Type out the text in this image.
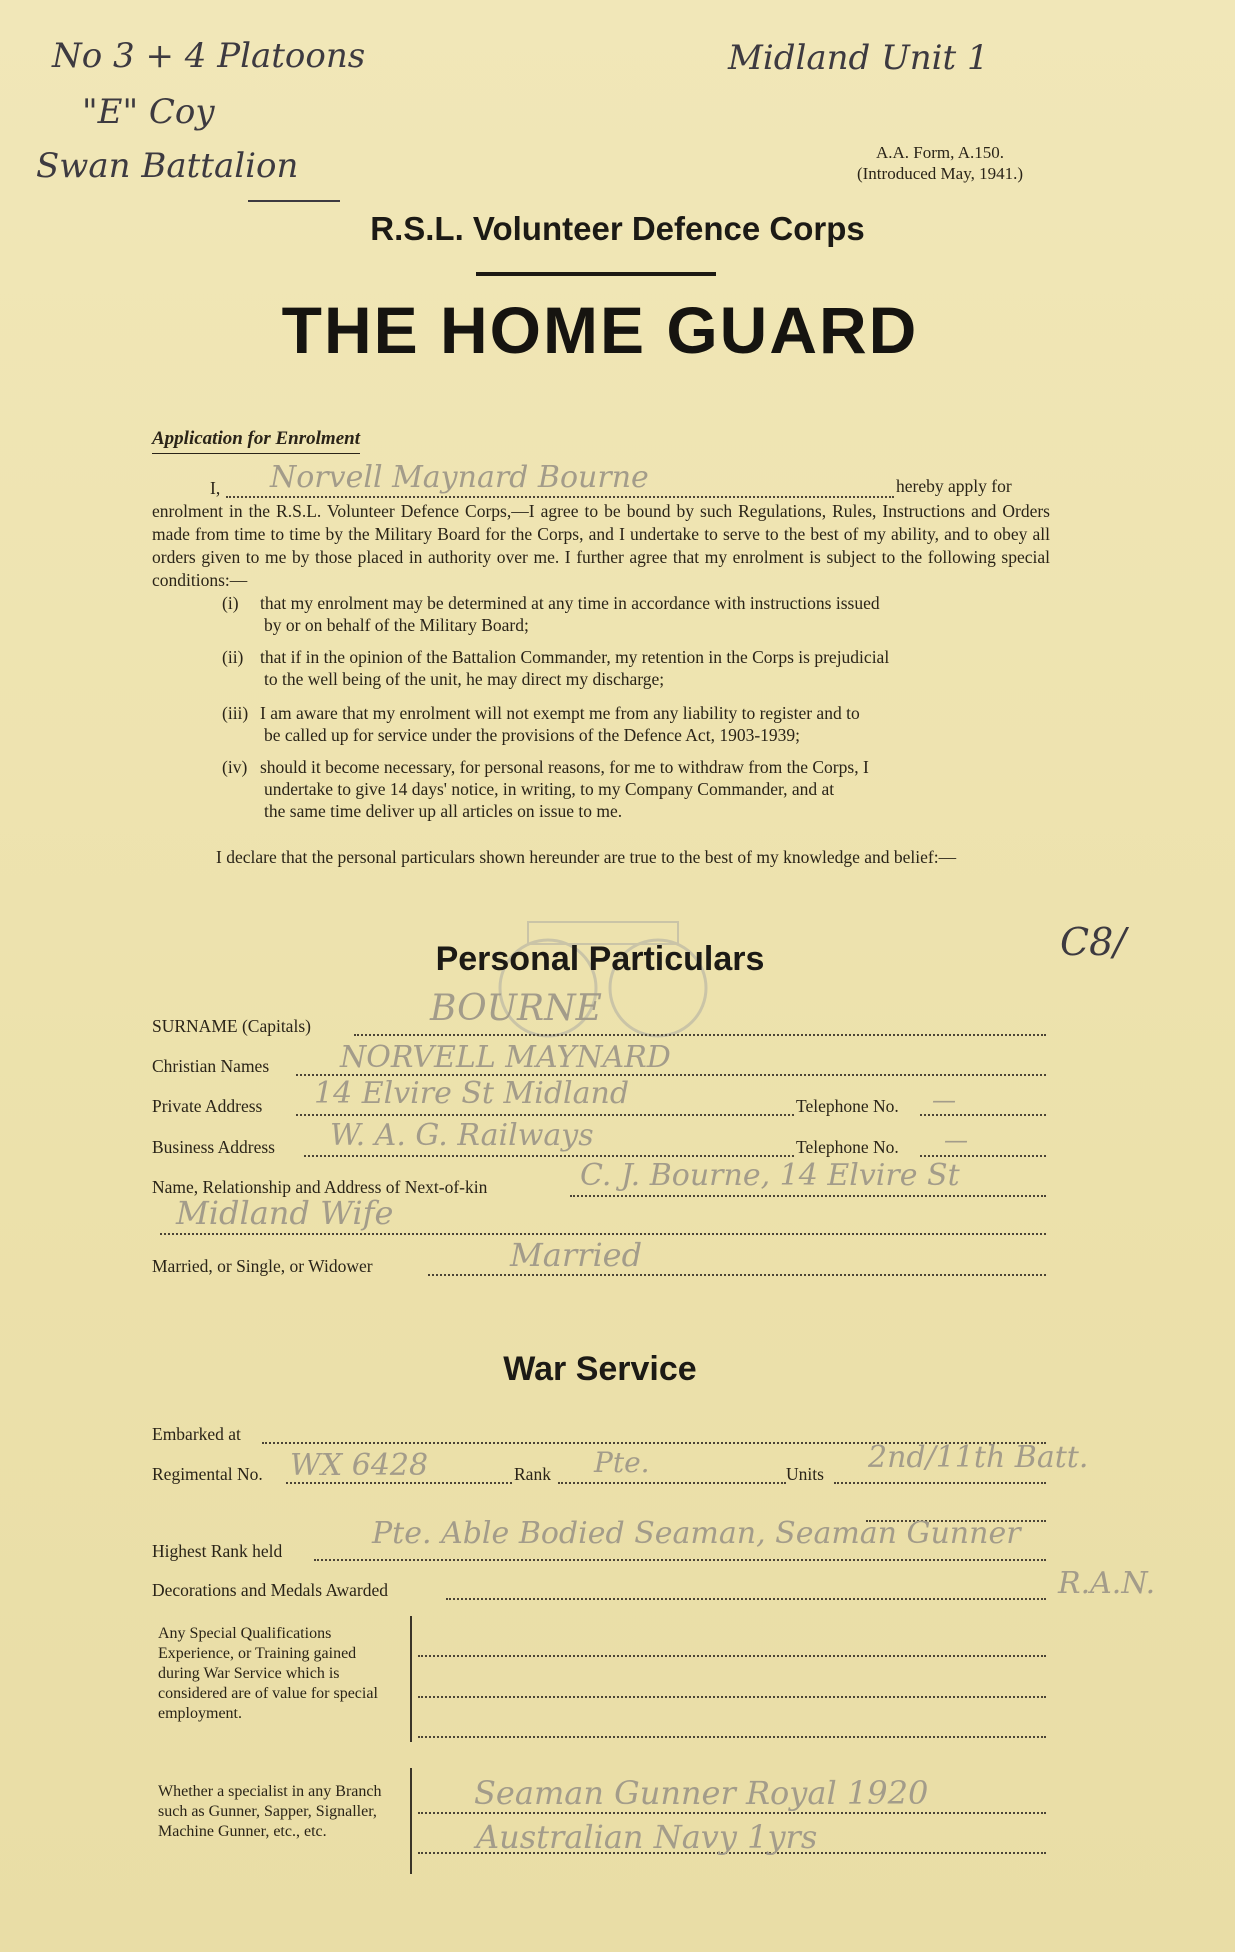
No 3 + 4 Platoons
"E" Coy
Swan Battalion
Midland Unit 1
C8/
A.A. Form, A.150.
(Introduced May, 1941.)
R.S.L. Volunteer Defence Corps
THE HOME GUARD
Application for Enrolment
I, Norvell Maynard Bourne	hereby apply for
enrolment in the R.S.L. Volunteer Defence Corps,—I agree to be bound by such Regulations, Rules, Instructions and Orders made from time to time by the Military Board for the Corps, and I undertake to serve to the best of my ability, and to obey all orders given to me by those placed in authority over me. I further agree that my enrolment is subject to the following special conditions:—
(i) that my enrolment may be determined at any time in accordance with instructions issued
by or on behalf of the Military Board;
(ii) that if in the opinion of the Battalion Commander, my retention in the Corps is prejudicial
to the well being of the unit, he may direct my discharge;
(iii) I am aware that my enrolment will not exempt me from any liability to register and to
be called up for service under the provisions of the Defence Act, 1903-1939;
(iv) should it become necessary, for personal reasons, for me to withdraw from the Corps, I
undertake to give 14 days' notice, in writing, to my Company Commander, and at
the same time deliver up all articles on issue to me.
I declare that the personal particulars shown hereunder are true to the best of my knowledge and belief:—
Personal Particulars
SURNAME (Capitals)	BOURNE
Christian Names NORVELL MAYNARD
Private Address 14 Elvire St Midland	Telephone No. —
Business Address W. A. G. Railways	Telephone No. —
Name, Relationship and Address of Next-of-kin	C. J. Bourne, 14 Elvire St
Midland Wife
Married, or Single, or Widower	Married
War Service
Embarked at
Regimental No. WX 6428	Rank Pte.	Units 2nd/11th Batt.
Highest Rank held	Pte. Able Bodied Seaman, Seaman Gunner
Decorations and Medals Awarded	R.A.N.
Any Special Qualifications Experience, or Training gained during War Service which is considered are of value for special employment.
Whether a specialist in any Branch such as Gunner, Sapper, Signaller, Machine Gunner, etc., etc.
Seaman Gunner Royal 1920
Australian Navy 1yrs
